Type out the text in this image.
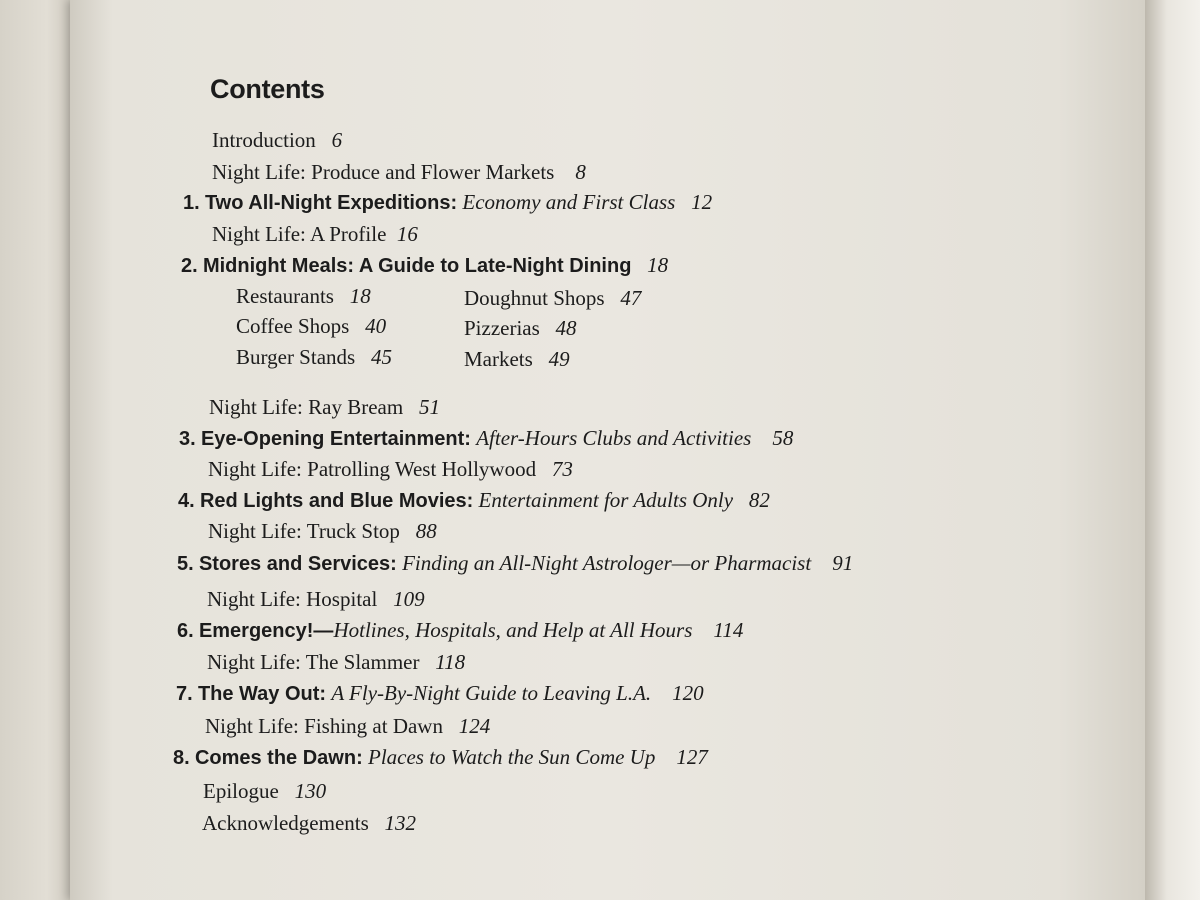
Contents
Introduction 6
Night Life: Produce and Flower Markets 8
1. Two All-Night Expeditions: Economy and First Class 12
Night Life: A Profile 16
2. Midnight Meals: A Guide to Late-Night Dining 18
Restaurants 18
Coffee Shops 40
Burger Stands 45
Doughnut Shops 47
Pizzerias 48
Markets 49
Night Life: Ray Bream 51
3. Eye-Opening Entertainment: After-Hours Clubs and Activities 58
Night Life: Patrolling West Hollywood 73
4. Red Lights and Blue Movies: Entertainment for Adults Only 82
Night Life: Truck Stop 88
5. Stores and Services: Finding an All-Night Astrologer—or Pharmacist 91
Night Life: Hospital 109
6. Emergency!—Hotlines, Hospitals, and Help at All Hours 114
Night Life: The Slammer 118
7. The Way Out: A Fly-By-Night Guide to Leaving L.A. 120
Night Life: Fishing at Dawn 124
8. Comes the Dawn: Places to Watch the Sun Come Up 127
Epilogue 130
Acknowledgements 132
